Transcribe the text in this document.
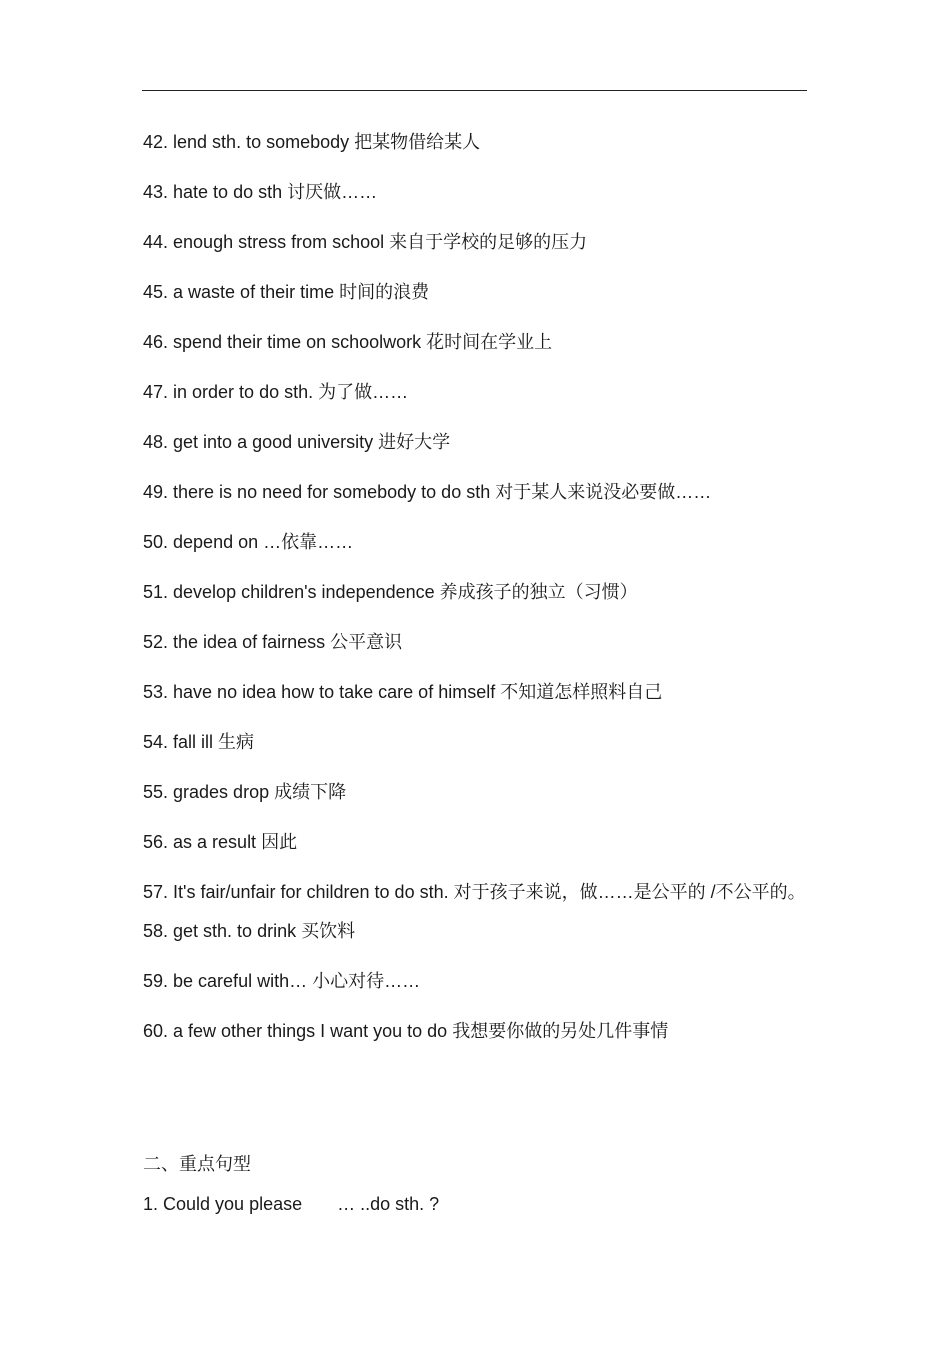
42. lend sth. to somebody 把某物借给某人
43. hate to do sth 讨厌做……
44. enough stress from school 来自于学校的足够的压力
45. a waste of their time 时间的浪费
46. spend their time on schoolwork 花时间在学业上
47. in order to do sth. 为了做……
48. get into a good university 进好大学
49. there is no need for somebody to do sth 对于某人来说没必要做……
50. depend on …依靠……
51. develop children's independence 养成孩子的独立（习惯）
52. the idea of fairness 公平意识
53. have no idea how to take care of himself 不知道怎样照料自己
54. fall ill 生病
55. grades drop 成绩下降
56. as a result 因此
57. It's fair/unfair for children to do sth. 对于孩子来说，做……是公平的 /不公平的。
58. get sth. to drink 买饮料
59. be careful with… 小心对待……
60. a few other things I want you to do 我想要你做的另处几件事情
二、重点句型
1. Could you please       … ..do sth. ?
